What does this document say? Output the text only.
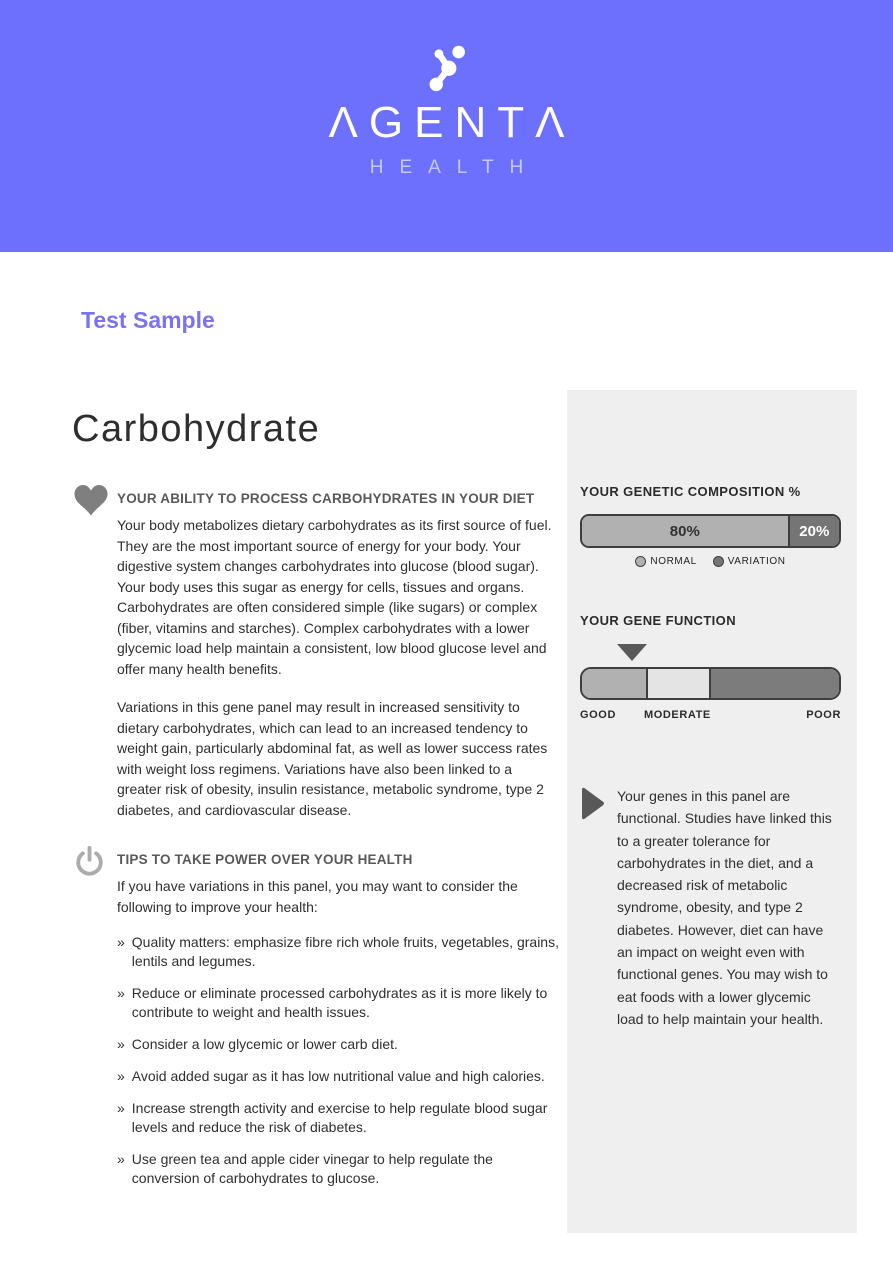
ΛGENTΛ
HEALTH
Test Sample
Carbohydrate
YOUR ABILITY TO PROCESS CARBOHYDRATES IN YOUR DIET

Your body metabolizes dietary carbohydrates as its first source of fuel. They are the most important source of energy for your body. Your digestive system changes carbohydrates into glucose (blood sugar). Your body uses this sugar as energy for cells, tissues and organs. Carbohydrates are often considered simple (like sugars) or complex (fiber, vitamins and starches). Complex carbohydrates with a lower glycemic load help maintain a consistent, low blood glucose level and offer many health benefits.

Variations in this gene panel may result in increased sensitivity to dietary carbohydrates, which can lead to an increased tendency to weight gain, particularly abdominal fat, as well as lower success rates with weight loss regimens. Variations have also been linked to a greater risk of obesity, insulin resistance, metabolic syndrome, type 2 diabetes, and cardiovascular disease.

TIPS TO TAKE POWER OVER YOUR HEALTH

If you have variations in this panel, you may want to consider the following to improve your health:

» Quality matters: emphasize fibre rich whole fruits, vegetables, grains, lentils and legumes.
» Reduce or eliminate processed carbohydrates as it is more likely to contribute to weight and health issues.
» Consider a low glycemic or lower carb diet.
» Avoid added sugar as it has low nutritional value and high calories.
» Increase strength activity and exercise to help regulate blood sugar levels and reduce the risk of diabetes.
» Use green tea and apple cider vinegar to help regulate the conversion of carbohydrates to glucose.
YOUR GENETIC COMPOSITION %
80%	20%
NORMAL	VARIATION
YOUR GENE FUNCTION
GOOD	MODERATE	POOR

Your genes in this panel are functional. Studies have linked this to a greater tolerance for carbohydrates in the diet, and a decreased risk of metabolic syndrome, obesity, and type 2 diabetes. However, diet can have an impact on weight even with functional genes. You may wish to eat foods with a lower glycemic load to help maintain your health.
